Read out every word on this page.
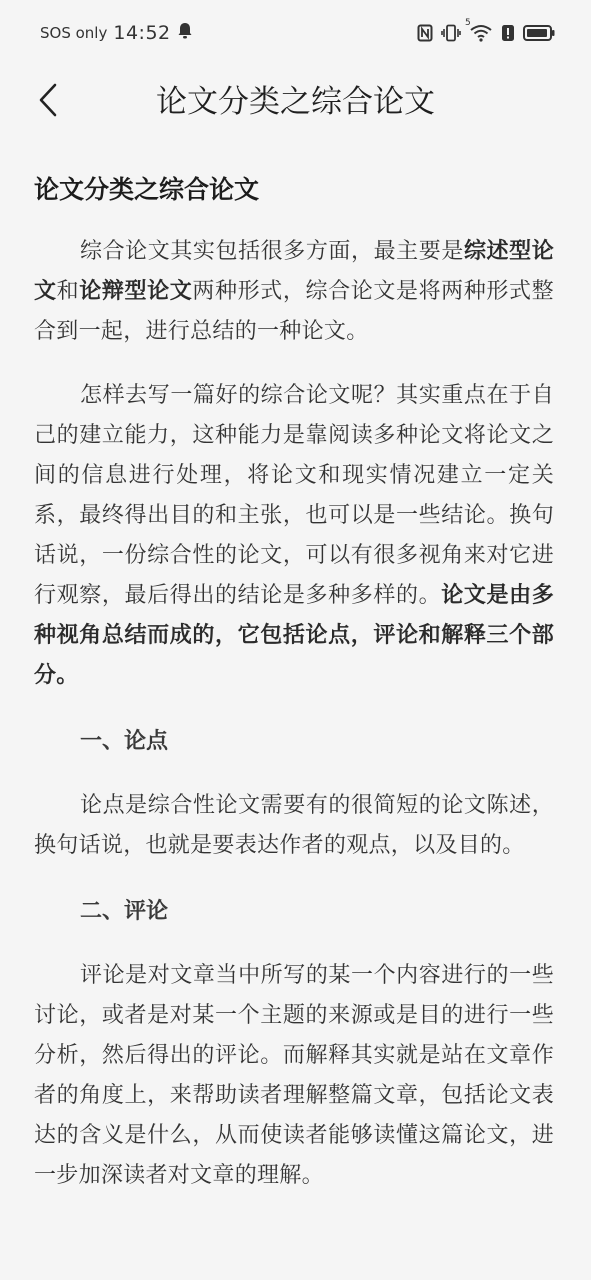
SOS only 14:52	5
论文分类之综合论文
论文分类之综合论文

综合论文其实包括很多方面，最主要是综述型论文和论辩型论文两种形式，综合论文是将两种形式整合到一起，进行总结的一种论文。

怎样去写一篇好的综合论文呢？其实重点在于自己的建立能力，这种能力是靠阅读多种论文将论文之间的信息进行处理，将论文和现实情况建立一定关系，最终得出目的和主张，也可以是一些结论。换句话说，一份综合性的论文，可以有很多视角来对它进行观察，最后得出的结论是多种多样的。论文是由多种视角总结而成的，它包括论点，评论和解释三个部分。

一、论点

论点是综合性论文需要有的很简短的论文陈述，换句话说，也就是要表达作者的观点，以及目的。

二、评论

评论是对文章当中所写的某一个内容进行的一些讨论，或者是对某一个主题的来源或是目的进行一些分析，然后得出的评论。而解释其实就是站在文章作者的角度上，来帮助读者理解整篇文章，包括论文表达的含义是什么，从而使读者能够读懂这篇论文，进一步加深读者对文章的理解。
